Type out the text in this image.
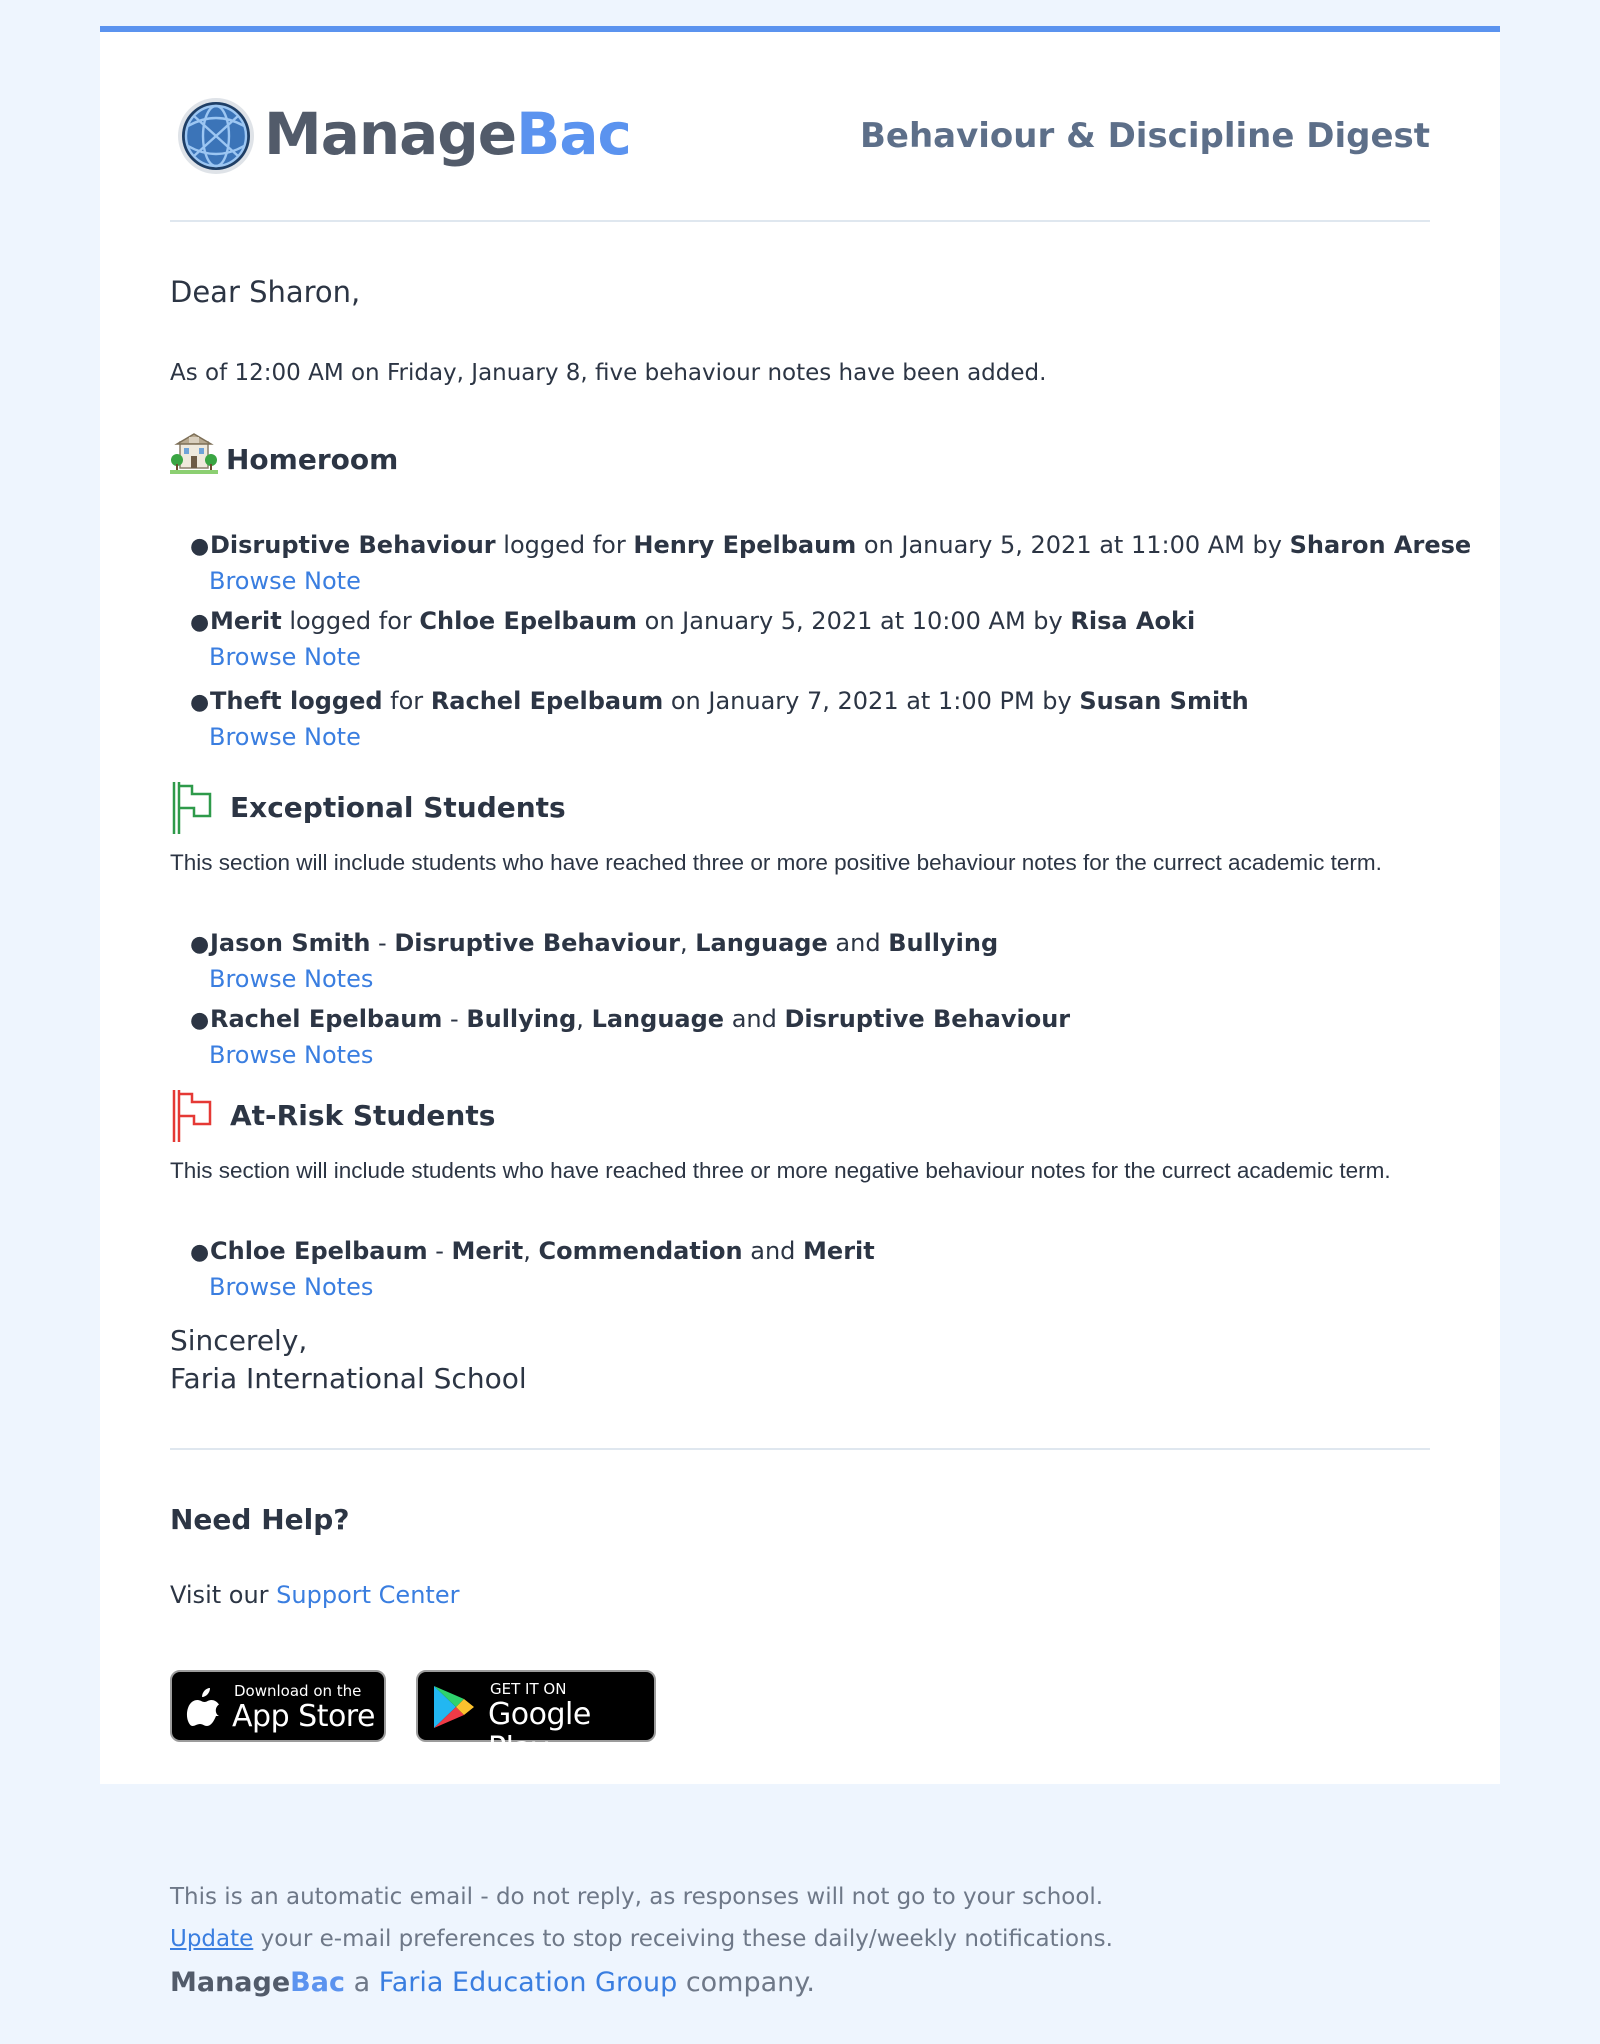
ManageBac	Behaviour & Discipline Digest
Dear Sharon,
As of 12:00 AM on Friday, January 8, five behaviour notes have been added.
Homeroom
●Disruptive Behaviour logged for Henry Epelbaum on January 5, 2021 at 11:00 AM by Sharon Arese
Browse Note
●Merit logged for Chloe Epelbaum on January 5, 2021 at 10:00 AM by Risa Aoki
Browse Note
●Theft logged for Rachel Epelbaum on January 7, 2021 at 1:00 PM by Susan Smith
Browse Note
Exceptional Students
This section will include students who have reached three or more positive behaviour notes for the currect academic term.
●Jason Smith - Disruptive Behaviour, Language and Bullying
Browse Notes
●Rachel Epelbaum - Bullying, Language and Disruptive Behaviour
Browse Notes
At-Risk Students
This section will include students who have reached three or more negative behaviour notes for the currect academic term.
●Chloe Epelbaum - Merit, Commendation and Merit
Browse Notes
Sincerely,
Faria International School
Need Help?
Visit our Support Center
Download on the
App Store
GET IT ON
Google Play
This is an automatic email - do not reply, as responses will not go to your school.
Update your e-mail preferences to stop receiving these daily/weekly notifications.
ManageBac a Faria Education Group company.
